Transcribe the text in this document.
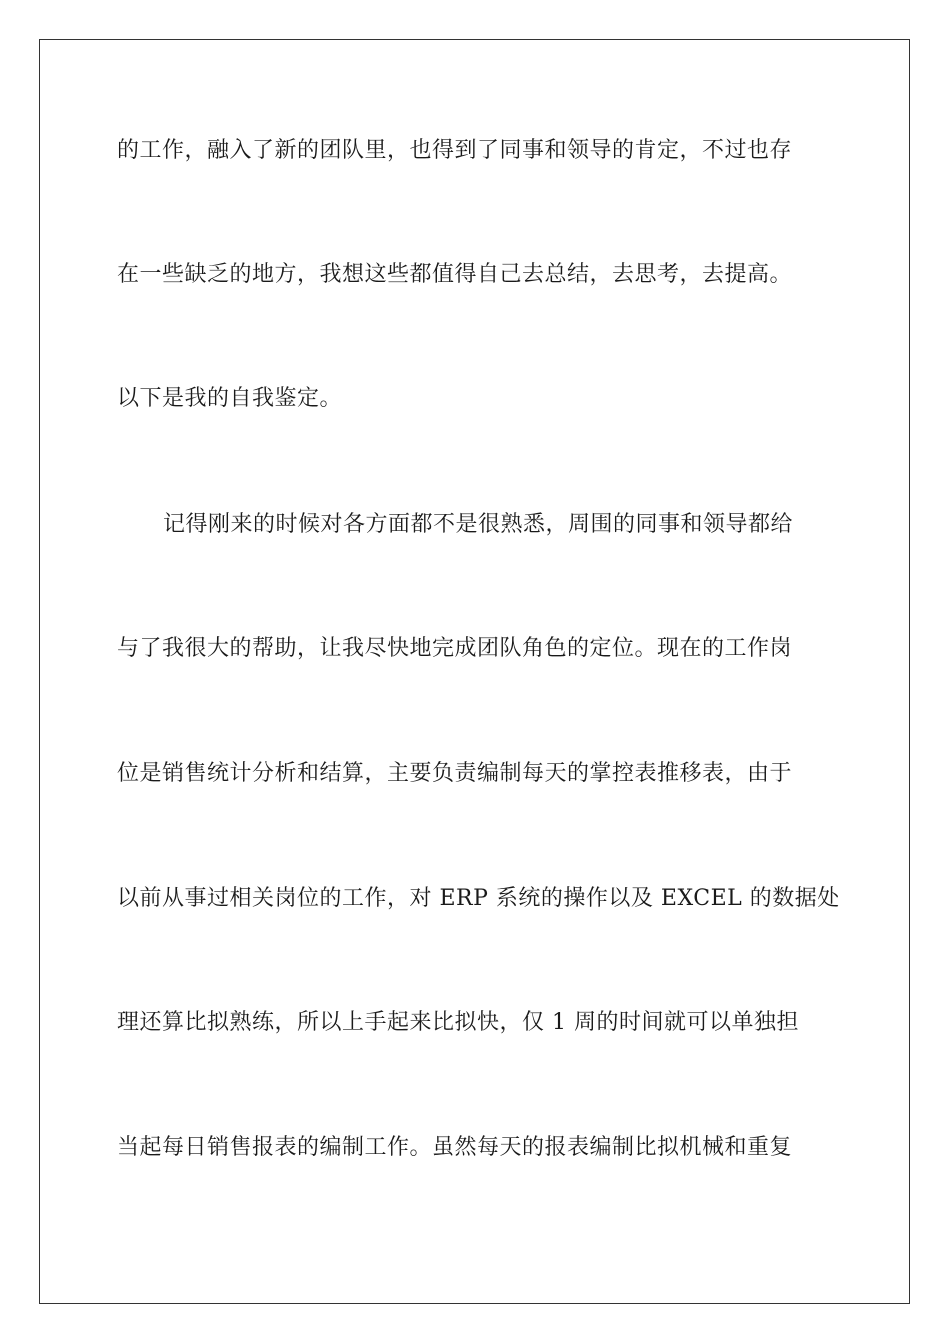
的工作，融入了新的团队里，也得到了同事和领导的肯定，不过也存
在一些缺乏的地方，我想这些都值得自己去总结，去思考，去提高。
以下是我的自我鉴定。
记得刚来的时候对各方面都不是很熟悉，周围的同事和领导都给
与了我很大的帮助，让我尽快地完成团队角色的定位。现在的工作岗
位是销售统计分析和结算，主要负责编制每天的掌控表推移表，由于
以前从事过相关岗位的工作，对 ERP 系统的操作以及 EXCEL 的数据处
理还算比拟熟练，所以上手起来比拟快，仅 1 周的时间就可以单独担
当起每日销售报表的编制工作。虽然每天的报表编制比拟机械和重复
